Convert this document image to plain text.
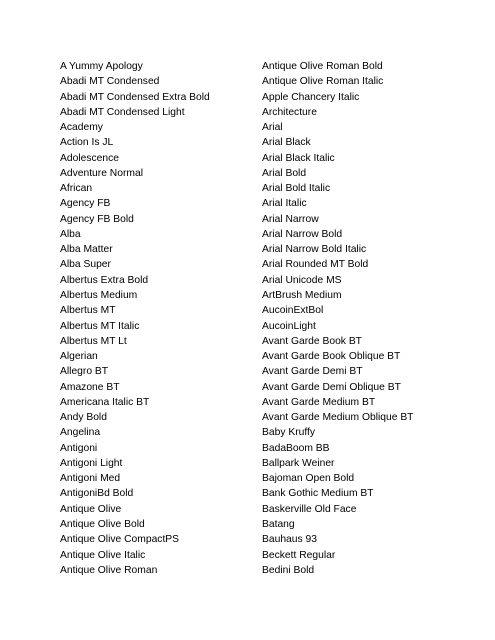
A Yummy Apology
Abadi MT Condensed
Abadi MT Condensed Extra Bold
Abadi MT Condensed Light
Academy
Action Is JL
Adolescence
Adventure Normal
African
Agency FB
Agency FB Bold
Alba
Alba Matter
Alba Super
Albertus Extra Bold
Albertus Medium
Albertus MT
Albertus MT Italic
Albertus MT Lt
Algerian
Allegro BT
Amazone BT
Americana Italic BT
Andy Bold
Angelina
Antigoni
Antigoni Light
Antigoni Med
AntigoniBd Bold
Antique Olive
Antique Olive Bold
Antique Olive CompactPS
Antique Olive Italic
Antique Olive Roman
Antique Olive Roman Bold
Antique Olive Roman Italic
Apple Chancery Italic
Architecture
Arial
Arial Black
Arial Black Italic
Arial Bold
Arial Bold Italic
Arial Italic
Arial Narrow
Arial Narrow Bold
Arial Narrow Bold Italic
Arial Rounded MT Bold
Arial Unicode MS
ArtBrush Medium
AucoinExtBol
AucoinLight
Avant Garde Book BT
Avant Garde Book Oblique BT
Avant Garde Demi BT
Avant Garde Demi Oblique BT
Avant Garde Medium BT
Avant Garde Medium Oblique BT
Baby Kruffy
BadaBoom BB
Ballpark Weiner
Bajoman Open Bold
Bank Gothic Medium BT
Baskerville Old Face
Batang
Bauhaus 93
Beckett Regular
Bedini Bold
